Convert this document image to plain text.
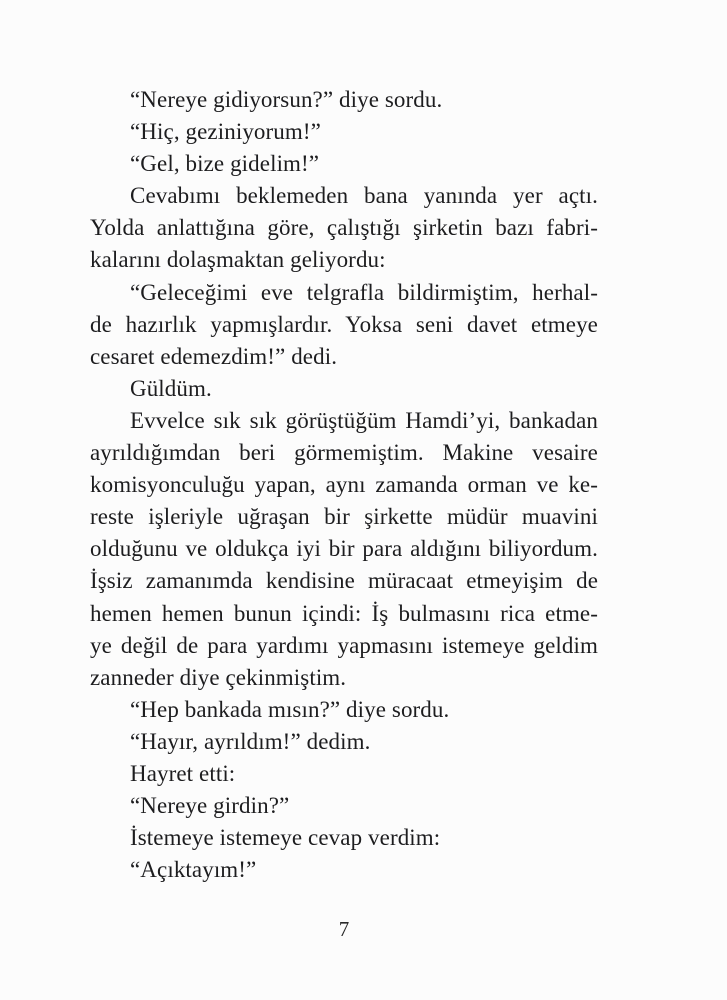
“Nereye gidiyorsun?” diye sordu.
“Hiç, geziniyorum!”
“Gel, bize gidelim!”
Cevabımı beklemeden bana yanında yer açtı.
Yolda anlattığına göre, çalıştığı şirketin bazı fabri-
kalarını dolaşmaktan geliyordu:
“Geleceğimi eve telgrafla bildirmiştim, herhal-
de hazırlık yapmışlardır. Yoksa seni davet etmeye
cesaret edemezdim!” dedi.
Güldüm.
Evvelce sık sık görüştüğüm Hamdi’yi, bankadan
ayrıldığımdan beri görmemiştim. Makine vesaire
komisyonculuğu yapan, aynı zamanda orman ve ke-
reste işleriyle uğraşan bir şirkette müdür muavini
olduğunu ve oldukça iyi bir para aldığını biliyordum.
İşsiz zamanımda kendisine müracaat etmeyişim de
hemen hemen bunun içindi: İş bulmasını rica etme-
ye değil de para yardımı yapmasını istemeye geldim
zanneder diye çekinmiştim.
“Hep bankada mısın?” diye sordu.
“Hayır, ayrıldım!” dedim.
Hayret etti:
“Nereye girdin?”
İstemeye istemeye cevap verdim:
“Açıktayım!”
7
